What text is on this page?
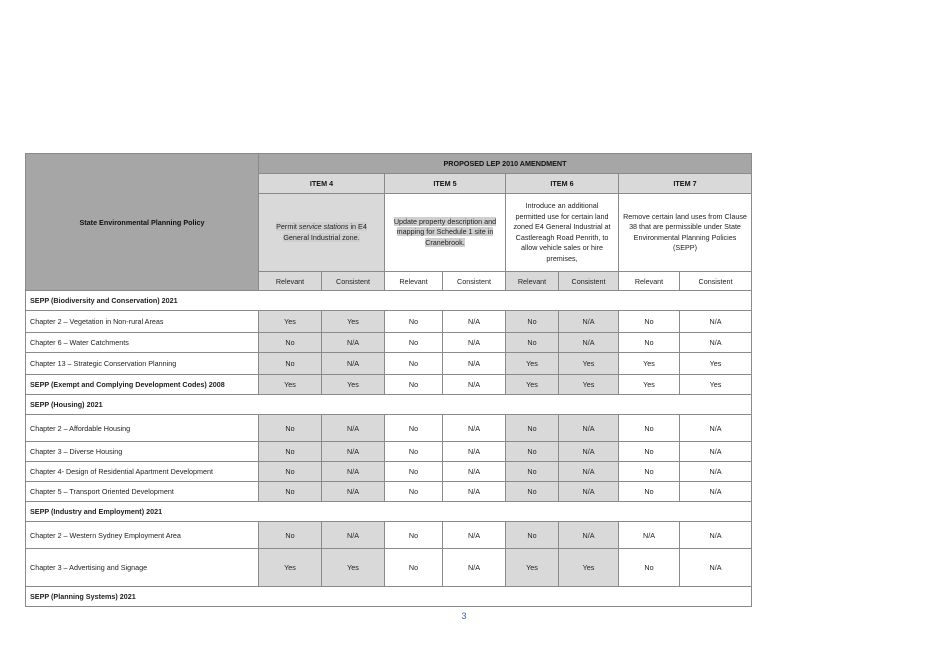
State Environmental Planning Policy	PROPOSED LEP 2010 AMENDMENT							
	ITEM 4		ITEM 5		ITEM 6		ITEM 7	
	Permit service stations in E4 General Industrial zone.		Update property description and mapping for Schedule 1 site in Cranebrook.		Introduce an additional permitted use for certain land zoned E4 General Industrial at Castlereagh Road Penrith, to allow vehicle sales or hire premises,		Remove certain land uses from Clause 38 that are permissible under State Environmental Planning Policies (SEPP)	
	Relevant	Consistent	Relevant	Consistent	Relevant	Consistent	Relevant	Consistent
SEPP (Biodiversity and Conservation) 2021								
Chapter 2 – Vegetation in Non-rural Areas	Yes	Yes	No	N/A	No	N/A	No	N/A
Chapter 6 – Water Catchments	No	N/A	No	N/A	No	N/A	No	N/A
Chapter 13 – Strategic Conservation Planning	No	N/A	No	N/A	Yes	Yes	Yes	Yes
SEPP (Exempt and Complying Development Codes) 2008	Yes	Yes	No	N/A	Yes	Yes	Yes	Yes
SEPP (Housing) 2021								
Chapter 2 – Affordable Housing	No	N/A	No	N/A	No	N/A	No	N/A
Chapter 3 – Diverse Housing	No	N/A	No	N/A	No	N/A	No	N/A
Chapter 4- Design of Residential Apartment Development	No	N/A	No	N/A	No	N/A	No	N/A
Chapter 5 – Transport Oriented Development	No	N/A	No	N/A	No	N/A	No	N/A
SEPP (Industry and Employment) 2021								
Chapter 2 – Western Sydney Employment Area	No	N/A	No	N/A	No	N/A	N/A	N/A
Chapter 3 – Advertising and Signage	Yes	Yes	No	N/A	Yes	Yes	No	N/A
SEPP (Planning Systems) 2021								
3
